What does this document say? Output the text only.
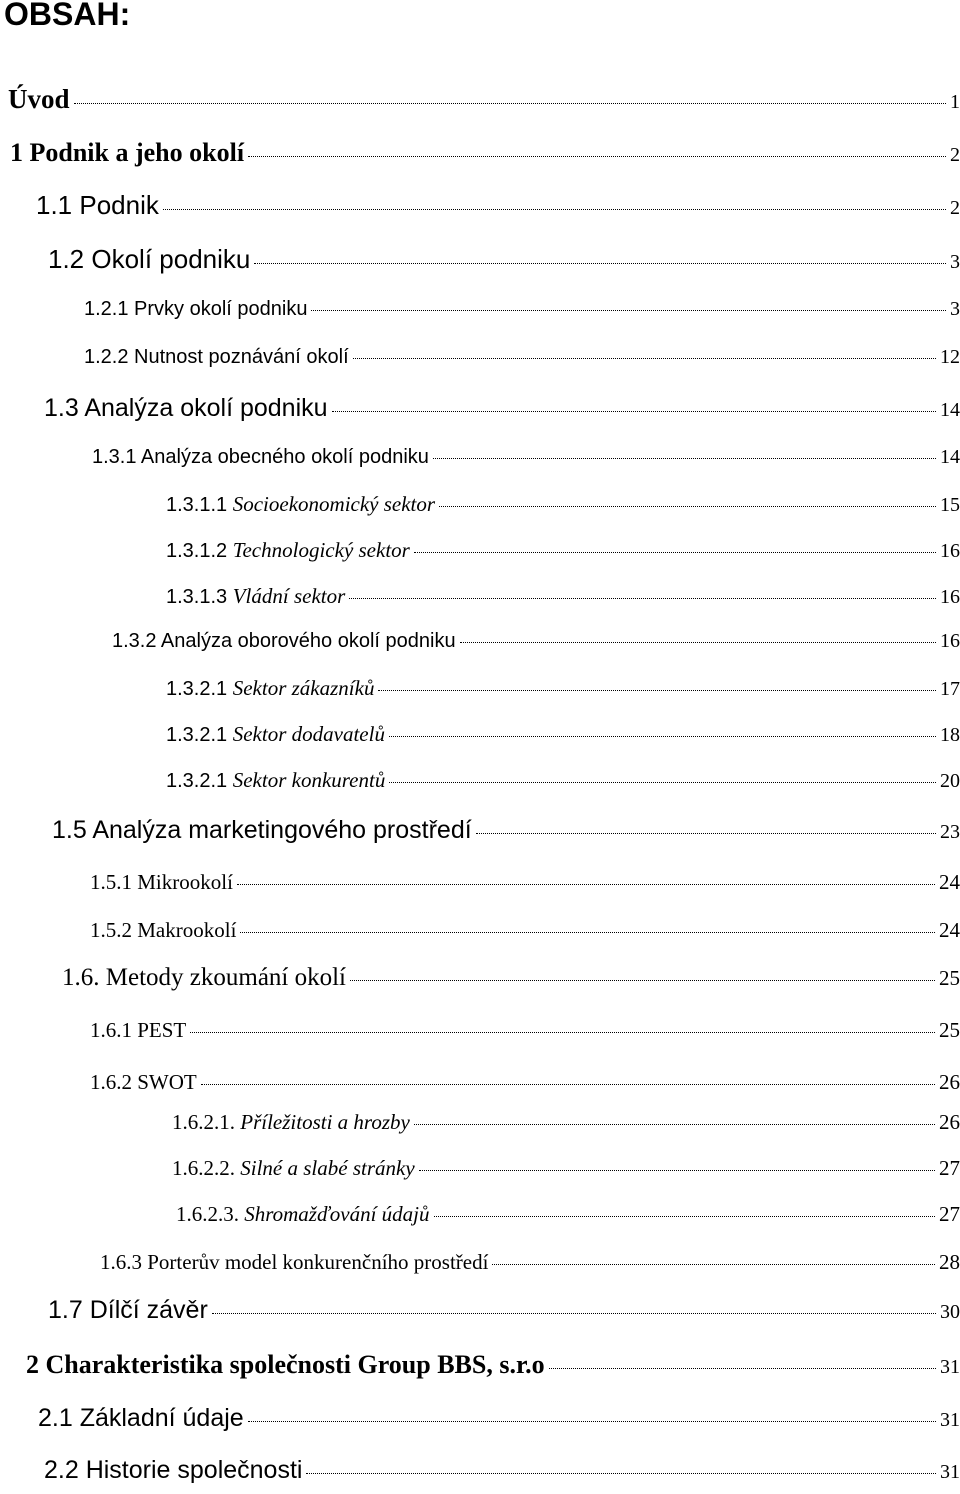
OBSAH:
Úvod	1
1 Podnik a jeho okolí	2
1.1 Podnik	2
1.2 Okolí podniku	3
1.2.1 Prvky okolí podniku	3
1.2.2 Nutnost poznávání okolí	12
1.3 Analýza okolí podniku	14
1.3.1 Analýza obecného okolí podniku	14
1.3.1.1 Socioekonomický sektor	15
1.3.1.2 Technologický sektor	16
1.3.1.3 Vládní sektor	16
1.3.2 Analýza oborového okolí podniku	16
1.3.2.1 Sektor zákazníků	17
1.3.2.1 Sektor dodavatelů	18
1.3.2.1 Sektor konkurentů	20
1.5 Analýza marketingového prostředí	23
1.5.1 Mikrookolí	24
1.5.2 Makrookolí	24
1.6. Metody zkoumání okolí	25
1.6.1 PEST	25
1.6.2 SWOT	26
1.6.2.1. Příležitosti a hrozby	26
1.6.2.2. Silné a slabé stránky	27
1.6.2.3. Shromažďování údajů	27
1.6.3 Porterův model konkurenčního prostředí	28
1.7 Dílčí závěr	30
2 Charakteristika společnosti Group BBS, s.r.o	31
2.1 Základní údaje	31
2.2 Historie společnosti	31
